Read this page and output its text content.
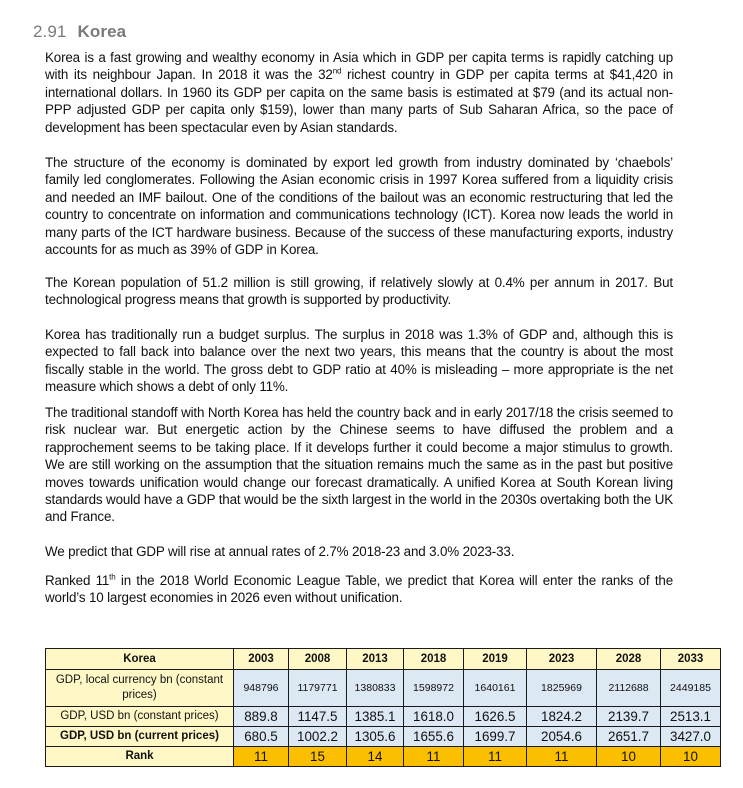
2.91 Korea

Korea is a fast growing and wealthy economy in Asia which in GDP per capita terms is rapidly catching up with its neighbour Japan. In 2018 it was the 32nd richest country in GDP per capita terms at $41,420 in international dollars. In 1960 its GDP per capita on the same basis is estimated at $79 (and its actual non-PPP adjusted GDP per capita only $159), lower than many parts of Sub Saharan Africa, so the pace of development has been spectacular even by Asian standards.

The structure of the economy is dominated by export led growth from industry dominated by ‘chaebols’ family led conglomerates. Following the Asian economic crisis in 1997 Korea suffered from a liquidity crisis and needed an IMF bailout. One of the conditions of the bailout was an economic restructuring that led the country to concentrate on information and communications technology (ICT). Korea now leads the world in many parts of the ICT hardware business. Because of the success of these manufacturing exports, industry accounts for as much as 39% of GDP in Korea.

The Korean population of 51.2 million is still growing, if relatively slowly at 0.4% per annum in 2017. But technological progress means that growth is supported by productivity.

Korea has traditionally run a budget surplus. The surplus in 2018 was 1.3% of GDP and, although this is expected to fall back into balance over the next two years, this means that the country is about the most fiscally stable in the world. The gross debt to GDP ratio at 40% is misleading – more appropriate is the net measure which shows a debt of only 11%.

The traditional standoff with North Korea has held the country back and in early 2017/18 the crisis seemed to risk nuclear war. But energetic action by the Chinese seems to have diffused the problem and a rapprochement seems to be taking place. If it develops further it could become a major stimulus to growth. We are still working on the assumption that the situation remains much the same as in the past but positive moves towards unification would change our forecast dramatically. A unified Korea at South Korean living standards would have a GDP that would be the sixth largest in the world in the 2030s overtaking both the UK and France.

We predict that GDP will rise at annual rates of 2.7% 2018-23 and 3.0% 2023-33.

Ranked 11th in the 2018 World Economic League Table, we predict that Korea will enter the ranks of the world’s 10 largest economies in 2026 even without unification.

Korea	2003	2008	2013	2018	2019	2023	2028	2033
GDP, local currency bn (constant prices)	948796	1179771	1380833	1598972	1640161	1825969	2112688	2449185
GDP, USD bn (constant prices)	889.8	1147.5	1385.1	1618.0	1626.5	1824.2	2139.7	2513.1
GDP, USD bn (current prices)	680.5	1002.2	1305.6	1655.6	1699.7	2054.6	2651.7	3427.0
Rank	11	15	14	11	11	11	10	10
